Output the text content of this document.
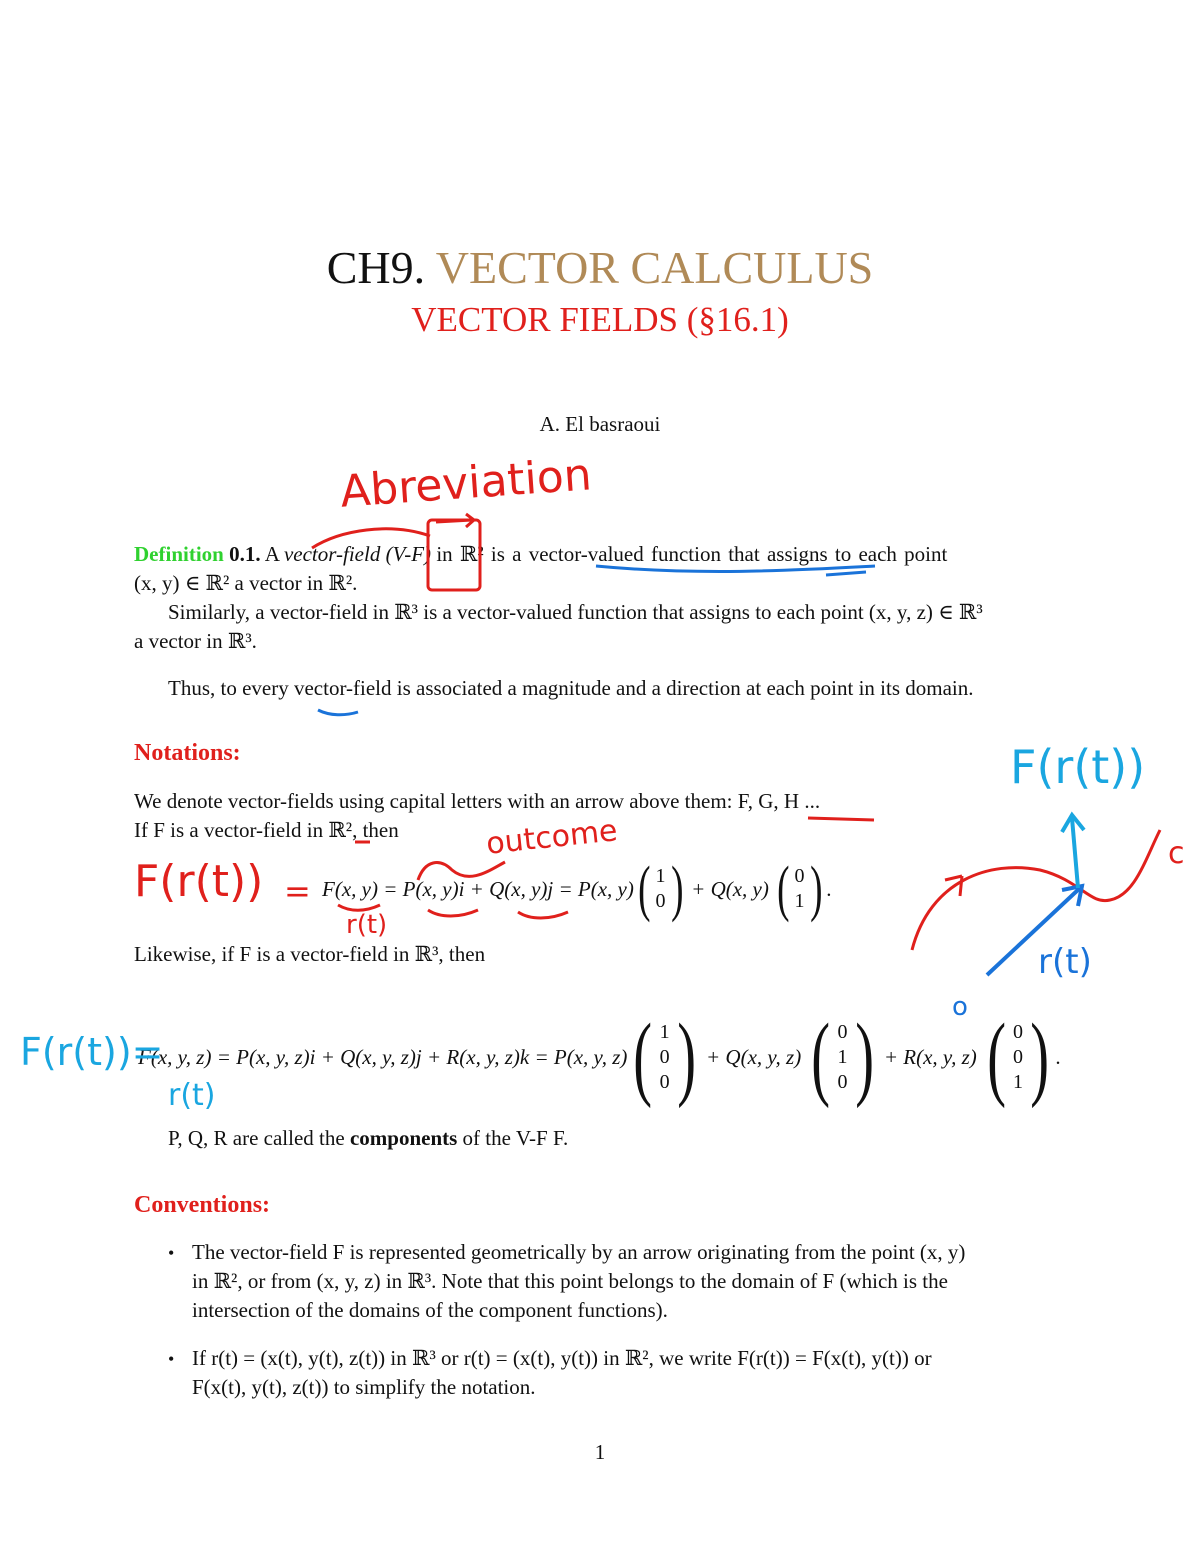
CH9. VECTOR CALCULUS
VECTOR FIELDS (§16.1)
A. El basraoui
Definition 0.1. A vector-field (V-F) in ℝ² is a vector-valued function that assigns to each point
(x, y) ∈ ℝ² a vector in ℝ².
Similarly, a vector-field in ℝ³ is a vector-valued function that assigns to each point (x, y, z) ∈ ℝ³
a vector in ℝ³.
Thus, to every vector-field is associated a magnitude and a direction at each point in its domain.
Notations:
We denote vector-fields using capital letters with an arrow above them: F, G, H ...
If F is a vector-field in ℝ², then
F(x, y) = P(x, y)i + Q(x, y)j = P(x, y) ( 1
0 ) + Q(x, y) ( 0
1 ) .
Likewise, if F is a vector-field in ℝ³, then
F(x, y, z) = P(x, y, z)i + Q(x, y, z)j + R(x, y, z)k = P(x, y, z) ( 1
0
0 ) + Q(x, y, z) ( 0
1
0 ) + R(x, y, z) ( 0
0
1 ) .
P, Q, R are called the components of the V-F F.
Conventions:
• The vector-field F is represented geometrically by an arrow originating from the point (x, y)
in ℝ², or from (x, y, z) in ℝ³. Note that this point belongs to the domain of F (which is the
intersection of the domains of the component functions).
• If r(t) = (x(t), y(t), z(t)) in ℝ³ or r(t) = (x(t), y(t)) in ℝ², we write F(r(t)) = F(x(t), y(t)) or
F(x(t), y(t), z(t)) to simplify the notation.
1
Abreviation
outcome
F(r(t)) =
r(t)
F(r(t))
r(t)
o
c
F(r(t))=
r(t)
